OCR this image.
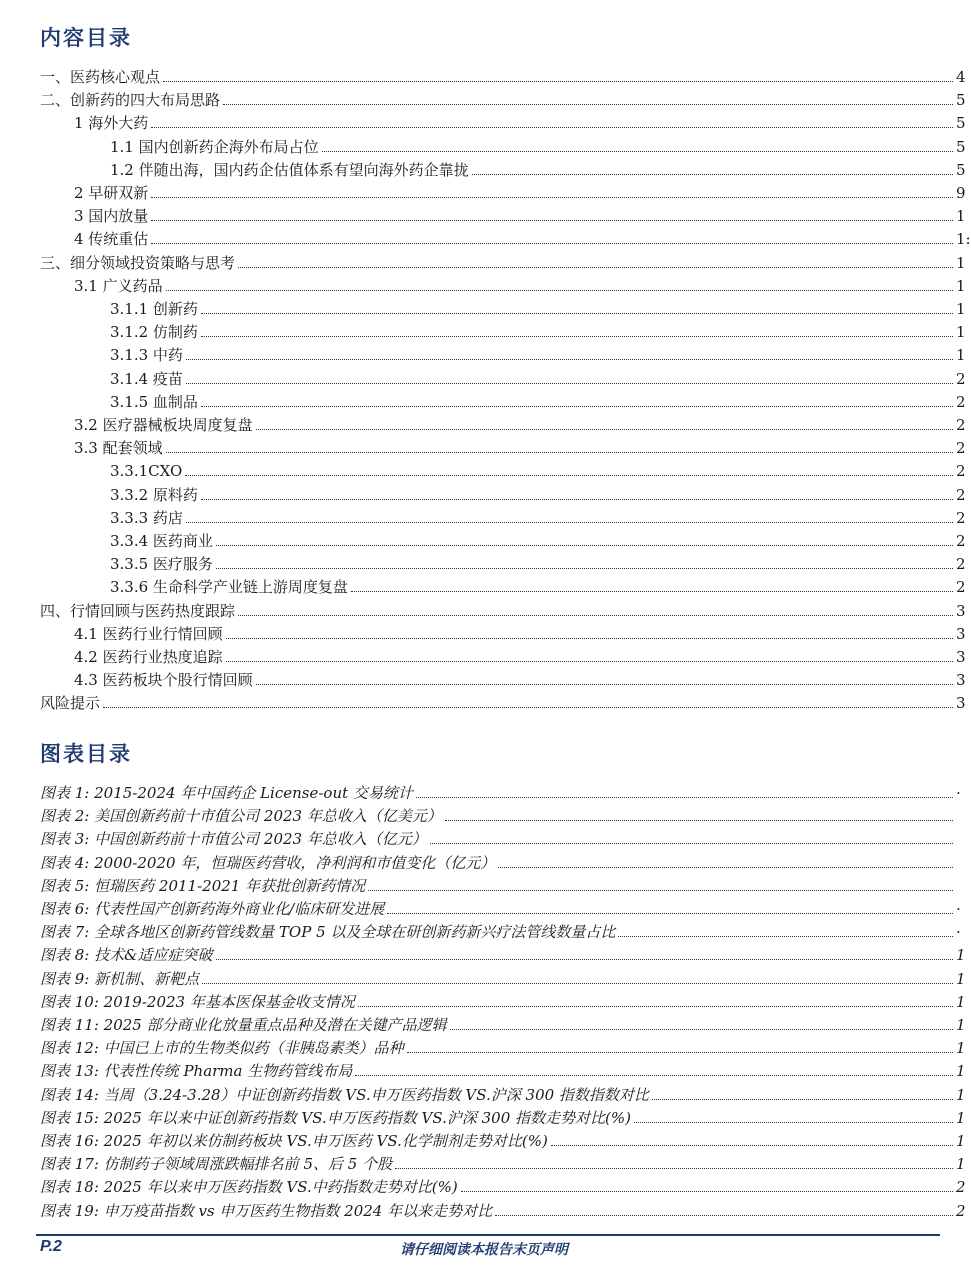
内容目录
一、医药核心观点	4
二、创新药的四大布局思路	5
1 海外大药	5
1.1 国内创新药企海外布局占位	5
1.2 伴随出海，国内药企估值体系有望向海外药企靠拢	5
2 早研双新	9
3 国内放量	1
4 传统重估	1:
三、细分领域投资策略与思考	1
3.1 广义药品	1
3.1.1 创新药	1
3.1.2 仿制药	1
3.1.3 中药	1
3.1.4 疫苗	2
3.1.5 血制品	2
3.2 医疗器械板块周度复盘	2
3.3 配套领域	2
3.3.1CXO	2
3.3.2 原料药	2
3.3.3 药店	2
3.3.4 医药商业	2
3.3.5 医疗服务	2
3.3.6 生命科学产业链上游周度复盘	2
四、行情回顾与医药热度跟踪	3
4.1 医药行业行情回顾	3
4.2 医药行业热度追踪	3
4.3 医药板块个股行情回顾	3
风险提示	3
图表目录
图表 1: 2015-2024 年中国药企 License-out 交易统计	·
图表 2: 美国创新药前十市值公司 2023 年总收入（亿美元）
图表 3: 中国创新药前十市值公司 2023 年总收入（亿元）
图表 4: 2000-2020 年，恒瑞医药营收，净利润和市值变化（亿元）
图表 5: 恒瑞医药 2011-2021 年获批创新药情况
图表 6: 代表性国产创新药海外商业化/临床研发进展	·
图表 7: 全球各地区创新药管线数量 TOP 5 以及全球在研创新药新兴疗法管线数量占比	·
图表 8: 技术&适应症突破	1
图表 9: 新机制、新靶点	1
图表 10: 2019-2023 年基本医保基金收支情况	1
图表 11: 2025 部分商业化放量重点品种及潜在关键产品逻辑	1
图表 12: 中国已上市的生物类似药（非胰岛素类）品种	1
图表 13: 代表性传统 Pharma 生物药管线布局	1
图表 14: 当周（3.24-3.28）中证创新药指数 VS.申万医药指数 VS.沪深 300 指数指数对比	1
图表 15: 2025 年以来中证创新药指数 VS.申万医药指数 VS.沪深 300 指数走势对比(%)	1
图表 16: 2025 年初以来仿制药板块 VS.申万医药 VS.化学制剂走势对比(%)	1
图表 17: 仿制药子领域周涨跌幅排名前 5、后 5 个股	1
图表 18: 2025 年以来申万医药指数 VS.中药指数走势对比(%)	2
图表 19: 申万疫苗指数 vs 申万医药生物指数 2024 年以来走势对比	2
P.2	请仔细阅读本报告末页声明
